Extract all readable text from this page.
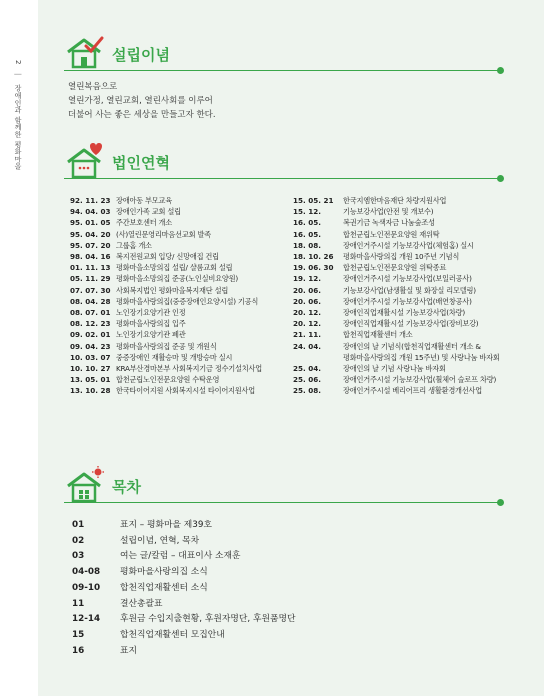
2 | 장애인과 함께한 평화마을
설립이념
열린복음으로
열린가정, 열린교회, 열린사회를 이루어
더불어 사는 좋은 세상을 만들고자 한다.
법인연혁
92. 11. 23 장애아동 부모교육
94. 04. 03 장애인가족 교회 설립
95. 01. 05 주간보호센터 개소
95. 04. 20 (사)열린문영리마음선교회 발족
95. 07. 20 그룹홈 개소
98. 04. 16 복지전원교회 입당/ 신망애집 건립
01. 11. 13 평화마을소망의집 설립/ 샬롬교회 설립
05. 11. 29 평화마을소망의집 준공(노인실비요양원)
07. 07. 30 사회복지법인 평화마을복지재단 설립
08. 04. 28 평화마을사랑의집(중증장애인요양시설) 기공식
08. 07. 01 노인장기요양기관 인정
08. 12. 23 평화마을사랑의집 입주
09. 02. 01 노인장기요양기관 폐관
09. 04. 23 평화마을사랑의집 준공 및 개원식
10. 03. 07 중증장애인 재활승마 및 개방승마 실시
10. 10. 27 KRA부산경마본부 사회복지기금 정수기설치사업
13. 05. 01 합천군립노인전문요양원 수탁운영
13. 10. 28 한국타이어지원 사회복지시설 타이어지원사업
15. 05. 21	한국지엠한마음재단 차량지원사업
15. 12.	기능보강사업(안전 및 개보수)
16. 05.	복권기금 녹색자금 나눔숲조성
16. 05.	합천군립노인전문요양원 재위탁
18. 08.	장애인거주시설 기능보강사업(체험홈) 실시
18. 10. 26	평화마을사랑의집 개원 10주년 기념식
19. 06. 30	합천군립노인전문요양원 위탁종료
19. 12.	장애인거주시설 기능보강사업(보일러공사)
20. 06.	기능보강사업(남생활실 및 화장실 리모델링)
20. 06.	장애인거주시설 기능보강사업(배연창공사)
20. 12.	장애인직업재활시설 기능보강사업(차량)
20. 12.	장애인직업재활시설 기능보강사업(장비보강)
21. 11.	합천직업재활센터 개소
24. 04.	장애인의 날 기념식(합천직업재활센터 개소 &
평화마을사랑의집 개원 15주년) 및 사랑나눔 바자회
25. 04.	장애인의 날 기념 사랑나눔 바자회
25. 06.	장애인거주시설 기능보강사업(휠체어 슬로프 차량)
25. 08.	장애인거주시설 베리어프리 생활환경개선사업
목차
01	표지 – 평화마을 제39호
02	설립이념, 연혁, 목차
03	여는 글/칼럼 – 대표이사 소재훈
04-08	평화마을사랑의집 소식
09-10	합천직업재활센터 소식
11	결산총괄표
12-14	후원금 수입지출현황, 후원자명단, 후원품명단
15	합천직업재활센터 모집안내
16	표지
